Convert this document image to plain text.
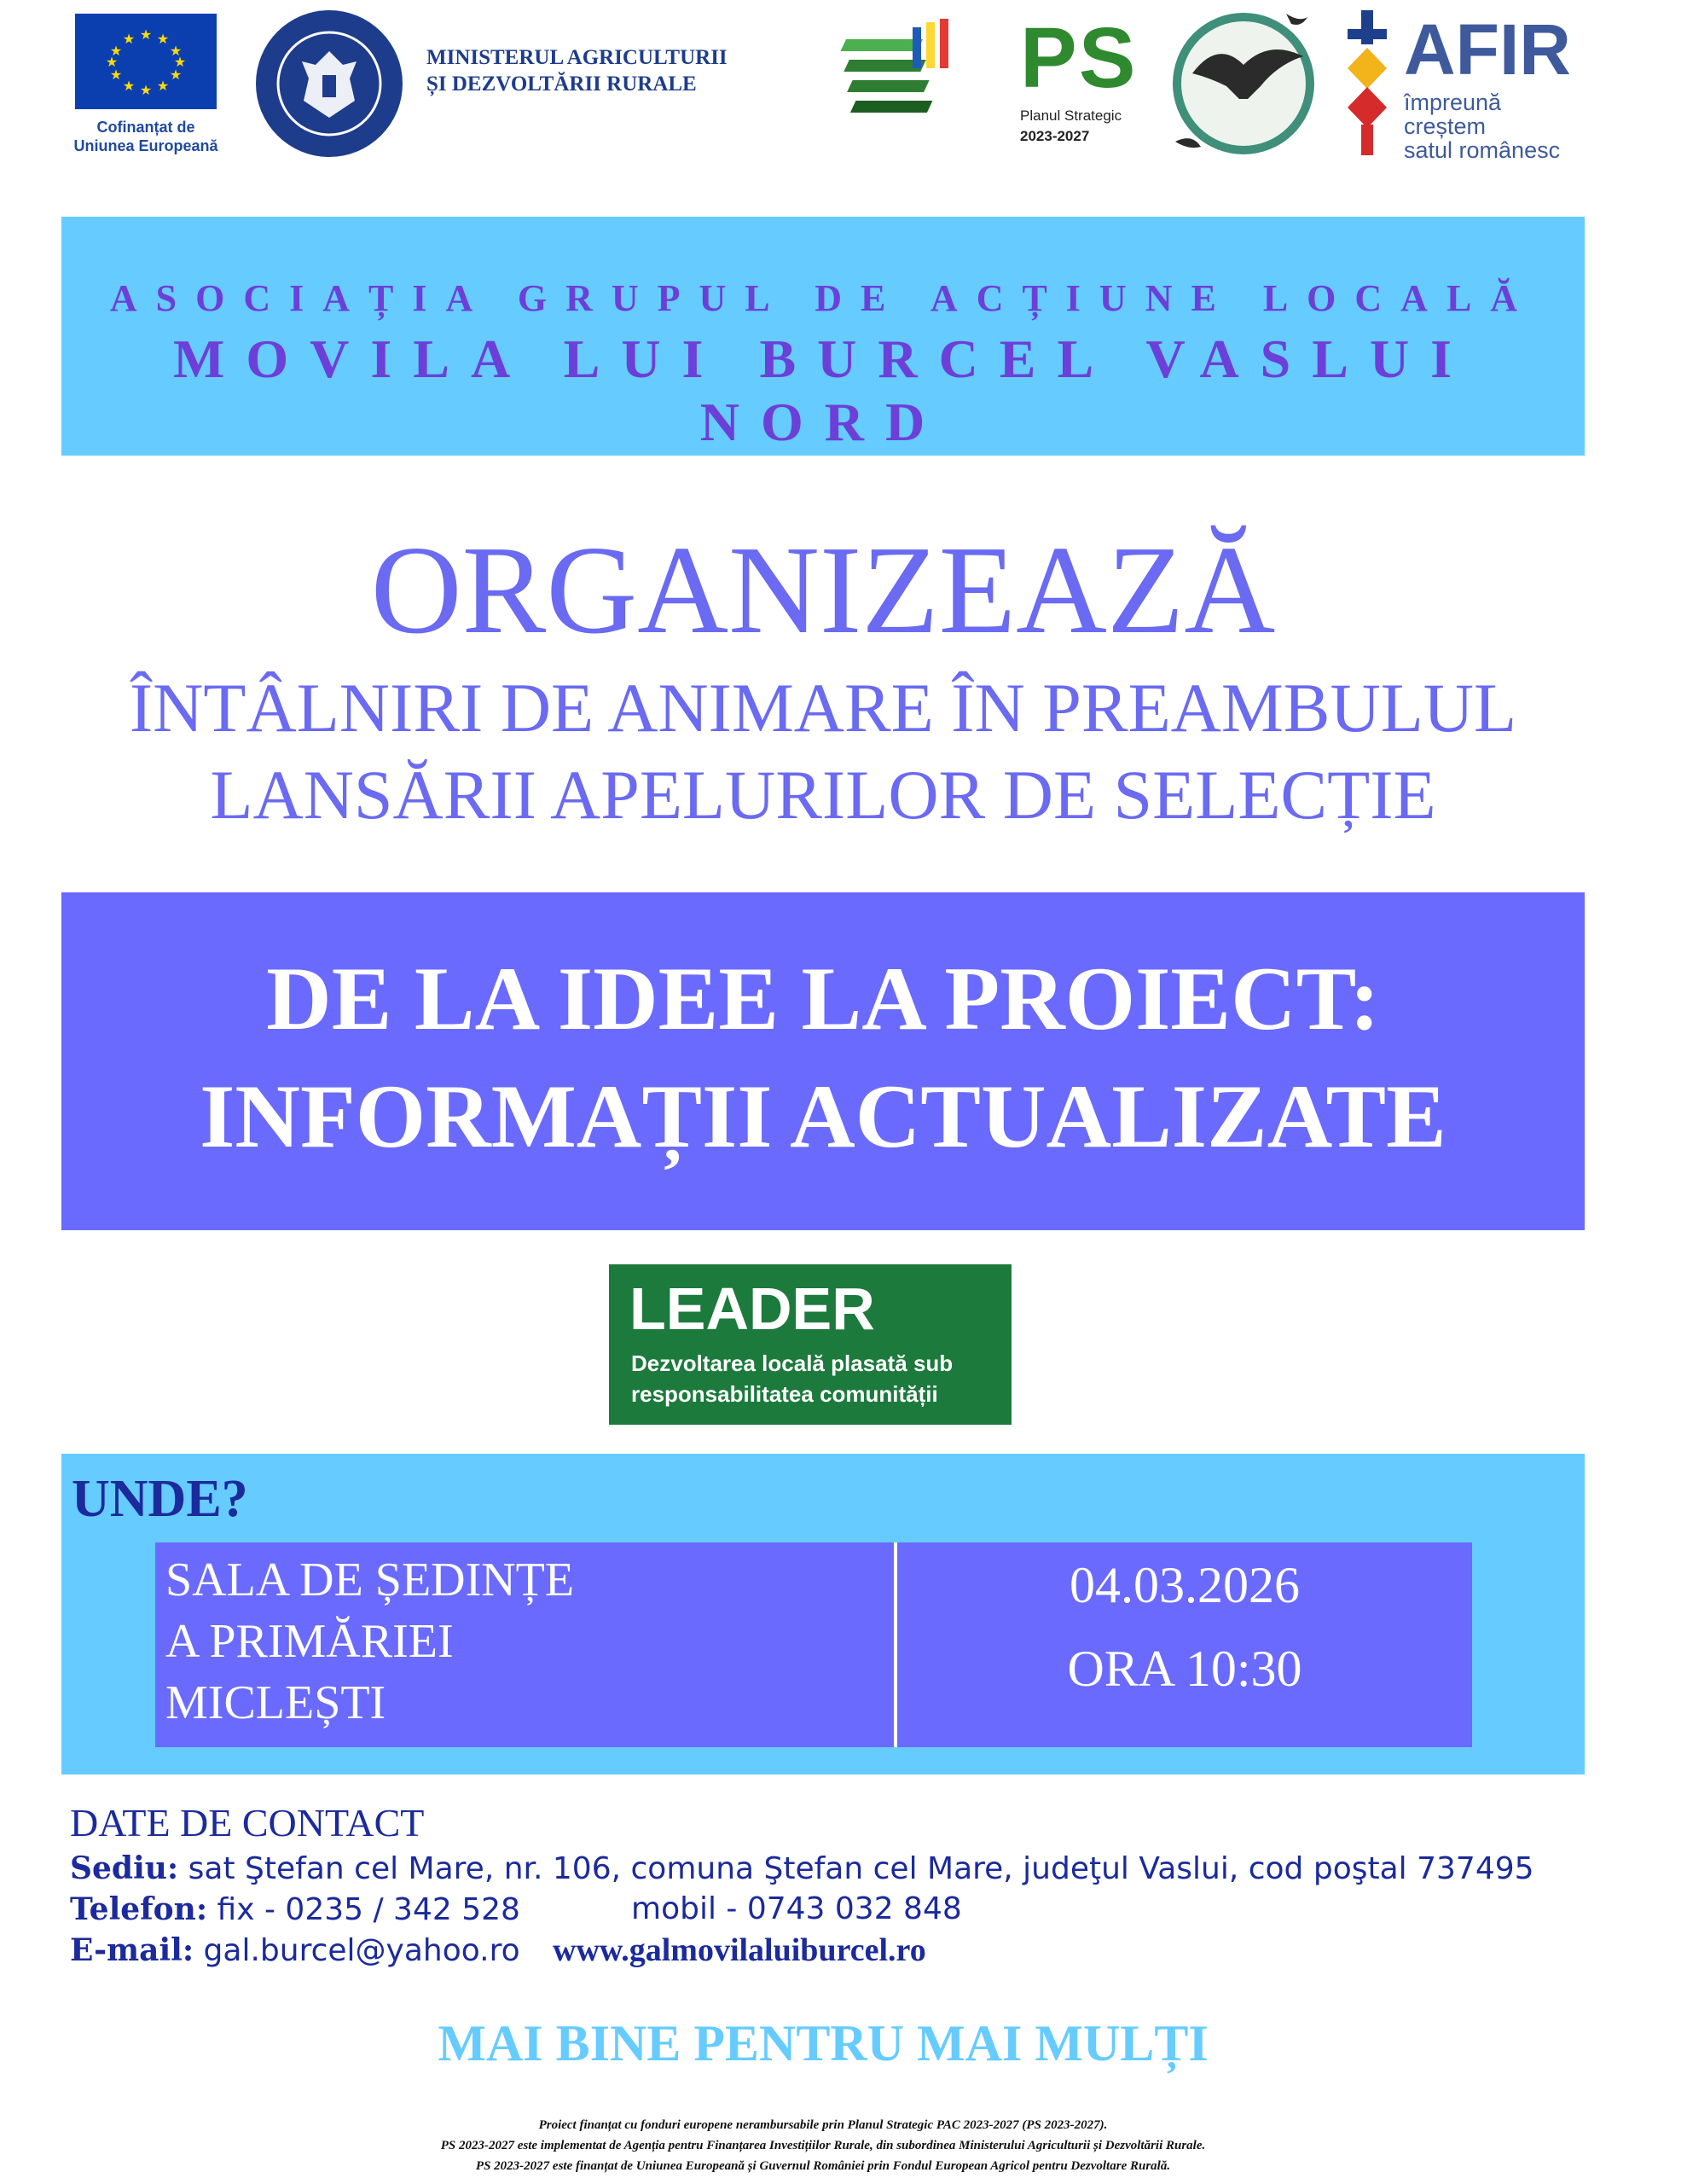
★ ★
★
★
★
★
★
★
★
★
★
★
Cofinanțat de
Uniunea Europeană
MINISTERUL AGRICULTURII
ȘI DEZVOLTĂRII RURALE	PS
Planul Strategic
2023-2027
AFIR
împreună creștem
satul românesc
ASOCIAȚIA GRUPUL DE ACȚIUNE LOCALĂ
MOVILA LUI BURCEL VASLUI NORD
ORGANIZEAZĂ
ÎNTÂLNIRI DE ANIMARE ÎN PREAMBULUL
LANSĂRII APELURILOR DE SELECȚIE
DE LA IDEE LA PROIECT:
INFORMAȚII ACTUALIZATE
LEADER
Dezvoltarea locală plasată sub responsabilitatea comunității
UNDE?
SALA DE ȘEDINȚE
A PRIMĂRIEI
MICLEȘTI
04.03.2026
ORA 10:30
DATE DE CONTACT
Sediu: sat Ştefan cel Mare, nr. 106, comuna Ştefan cel Mare, judeţul Vaslui, cod poştal 737495
Telefon: fix - 0235 / 342 528	mobil - 0743 032 848
E-mail: gal.burcel@yahoo.ro www.galmovilaluiburcel.ro
MAI BINE PENTRU MAI MULȚI
Proiect finanțat cu fonduri europene nerambursabile prin Planul Strategic PAC 2023-2027 (PS 2023-2027).
PS 2023-2027 este implementat de Agenția pentru Finanțarea Investițiilor Rurale, din subordinea Ministerului Agriculturii și Dezvoltării Rurale.
PS 2023-2027 este finanțat de Uniunea Europeană și Guvernul României prin Fondul European Agricol pentru Dezvoltare Rurală.
